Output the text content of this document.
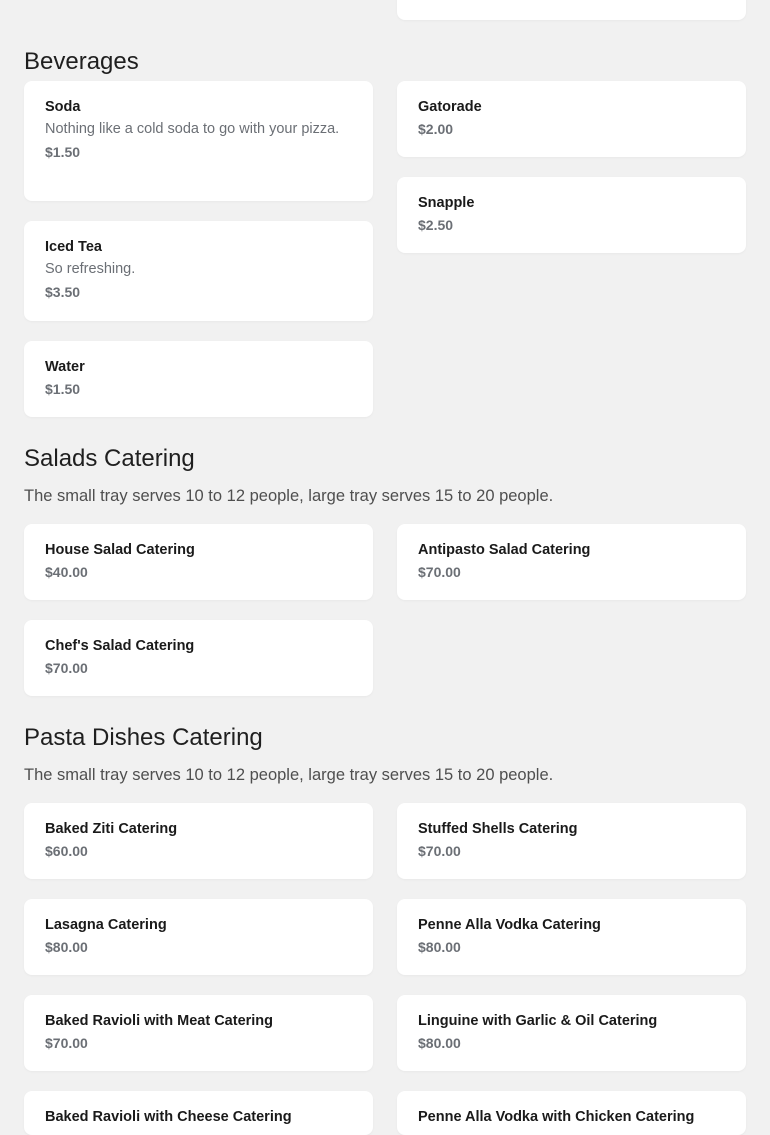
Beverages
Soda
Nothing like a cold soda to go with your pizza.
$1.50
Gatorade
$2.00
Snapple
$2.50
Iced Tea
So refreshing.
$3.50
Water
$1.50
Salads Catering

The small tray serves 10 to 12 people, large tray serves 15 to 20 people.

House Salad Catering
$40.00
Antipasto Salad Catering
$70.00
Chef's Salad Catering
$70.00
Pasta Dishes Catering

The small tray serves 10 to 12 people, large tray serves 15 to 20 people.

Baked Ziti Catering
$60.00
Stuffed Shells Catering
$70.00
Lasagna Catering
$80.00
Penne Alla Vodka Catering
$80.00
Baked Ravioli with Meat Catering
$70.00
Linguine with Garlic & Oil Catering
$80.00
Baked Ravioli with Cheese Catering	Penne Alla Vodka with Chicken Catering
